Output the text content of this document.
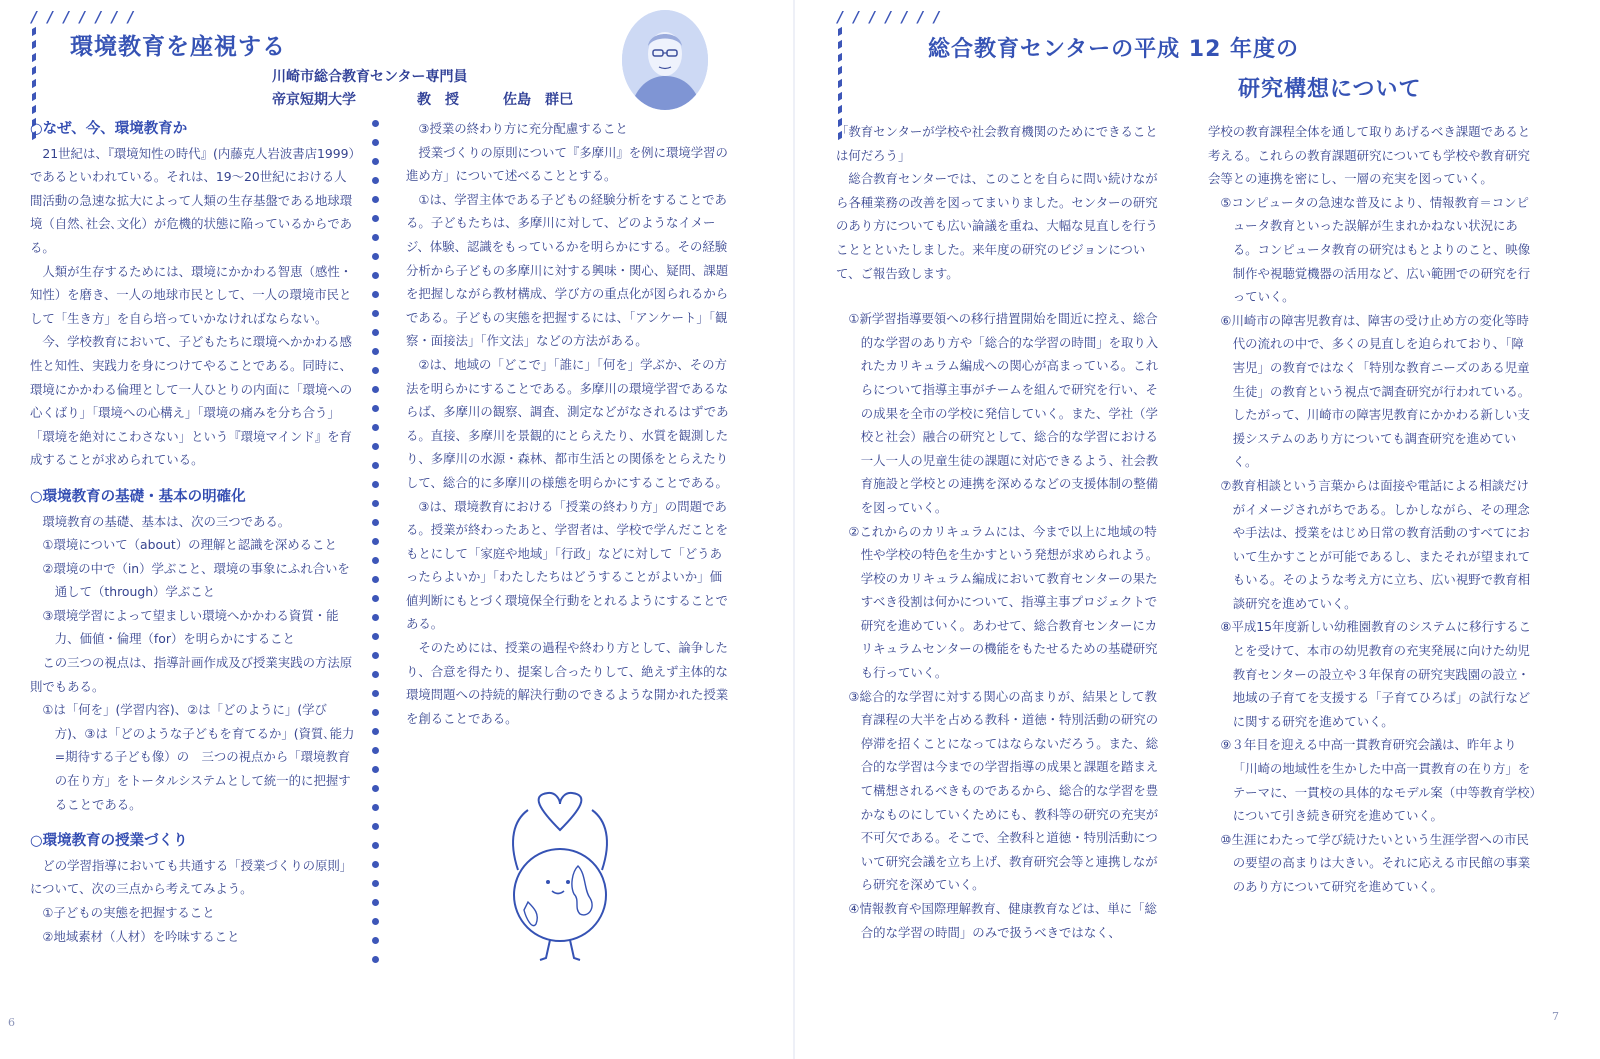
/ / / / / / /
環境教育を座視する
川崎市総合教育センター専門員
帝京短期大学	教　授	佐島　群巳

○なぜ、今、環境教育か

21世紀は、『環境知性の時代』(内藤克人岩波書店1999）であるといわれている。それは、19〜20世紀における人間活動の急速な拡大によって人類の生存基盤である地球環境（自然､社会､文化）が危機的状態に陥っているからである。

人類が生存するためには、環境にかかわる智恵（感性・知性）を磨き、一人の地球市民として、一人の環境市民として「生き方」を自ら培っていかなければならない。

今、学校教育において、子どもたちに環境へかかわる感性と知性、実践力を身につけてやることである。同時に、環境にかかわる倫理として一人ひとりの内面に「環境への心くばり」「環境への心構え」「環境の痛みを分ち合う」「環境を絶対にこわさない」という『環境マインド』を育成することが求められている。

○環境教育の基礎・基本の明確化

環境教育の基礎、基本は、次の三つである。

①環境について（about）の理解と認識を深めること

②環境の中で（in）学ぶこと、環境の事象にふれ合いを通して（through）学ぶこと

③環境学習によって望ましい環境へかかわる資質・能力、価値・倫理（for）を明らかにすること

この三つの視点は、指導計画作成及び授業実践の方法原則でもある。

①は「何を」(学習内容)、②は「どのように」(学び方)、③は「どのような子どもを育てるか」(資質､能力=期待する子ども像）の　三つの視点から「環境教育の在り方」をトータルシステムとして統一的に把握することである。

○環境教育の授業づくり

どの学習指導においても共通する「授業づくりの原則」について、次の三点から考えてみよう。

①子どもの実態を把握すること

②地域素材（人材）を吟味すること

③授業の終わり方に充分配慮すること

授業づくりの原則について『多摩川』を例に環境学習の進め方」について述べることとする。

①は、学習主体である子どもの経験分析をすることである。子どもたちは、多摩川に対して、どのようなイメージ、体験、認識をもっているかを明らかにする。その経験分析から子どもの多摩川に対する興味・関心、疑問、課題を把握しながら教材構成、学び方の重点化が図られるからである。子どもの実態を把握するには、「アンケート」「観察・面接法」「作文法」などの方法がある。

②は、地域の「どこで」「誰に」「何を」学ぶか、その方法を明らかにすることである。多摩川の環境学習であるならば、多摩川の観察、調査、測定などがなされるはずである。直接、多摩川を景観的にとらえたり、水質を観測したり、多摩川の水源・森林、都市生活との関係をとらえたりして、総合的に多摩川の様態を明らかにすることである。

③は、環境教育における「授業の終わり方」の問題である。授業が終わったあと、学習者は、学校で学んだことをもとにして「家庭や地域」「行政」などに対して「どうあったらよいか」「わたしたちはどうすることがよいか」価値判断にもとづく環境保全行動をとれるようにすることである。

そのためには、授業の過程や終わり方として、論争したり、合意を得たり、提案し合ったりして、絶えず主体的な環境問題への持続的解決行動のできるような開かれた授業を創ることである。

6
/ / / / / / /
総合教育センターの平成 12 年度の
研究構想について

「教育センターが学校や社会教育機関のためにできることは何だろう」

総合教育センターでは、このことを自らに問い続けながら各種業務の改善を図ってまいりました。センターの研究のあり方についても広い論議を重ね、大幅な見直しを行うこととといたしました。来年度の研究のビジョンについて、ご報告致します。

①新学習指導要領への移行措置開始を間近に控え、総合的な学習のあり方や「総合的な学習の時間」を取り入れたカリキュラム編成への関心が高まっている。これらについて指導主事がチームを組んで研究を行い、その成果を全市の学校に発信していく。また、学社（学校と社会）融合の研究として、総合的な学習における一人一人の児童生徒の課題に対応できるよう、社会教育施設と学校との連携を深めるなどの支援体制の整備を図っていく。

②これからのカリキュラムには、今まで以上に地域の特性や学校の特色を生かすという発想が求められよう。学校のカリキュラム編成において教育センターの果たすべき役割は何かについて、指導主事プロジェクトで研究を進めていく。あわせて、総合教育センターにカリキュラムセンターの機能をもたせるための基礎研究も行っていく。

③総合的な学習に対する関心の高まりが、結果として教育課程の大半を占める教科・道徳・特別活動の研究の停滞を招くことになってはならないだろう。また、総合的な学習は今までの学習指導の成果と課題を踏まえて構想されるべきものであるから、総合的な学習を豊かなものにしていくためにも、教科等の研究の充実が不可欠である。そこで、全教科と道徳・特別活動について研究会議を立ち上げ、教育研究会等と連携しながら研究を深めていく。

④情報教育や国際理解教育、健康教育などは、単に「総合的な学習の時間」のみで扱うべきではなく、

学校の教育課程全体を通して取りあげるべき課題であると考える。これらの教育課題研究についても学校や教育研究会等との連携を密にし、一層の充実を図っていく。

⑤コンピュータの急速な普及により、情報教育＝コンピュータ教育といった誤解が生まれかねない状況にある。コンピュータ教育の研究はもとよりのこと、映像制作や視聴覚機器の活用など、広い範囲での研究を行っていく。

⑥川崎市の障害児教育は、障害の受け止め方の変化等時代の流れの中で、多くの見直しを迫られており、「障害児」の教育ではなく「特別な教育ニーズのある児童生徒」の教育という視点で調査研究が行われている。したがって、川崎市の障害児教育にかかわる新しい支援システムのあり方についても調査研究を進めていく。

⑦教育相談という言葉からは面接や電話による相談だけがイメージされがちである。しかしながら、その理念や手法は、授業をはじめ日常の教育活動のすべてにおいて生かすことが可能であるし、またそれが望まれてもいる。そのような考え方に立ち、広い視野で教育相談研究を進めていく。

⑧平成15年度新しい幼稚園教育のシステムに移行することを受けて、本市の幼児教育の充実発展に向けた幼児教育センターの設立や３年保育の研究実践園の設立・地域の子育てを支援する「子育てひろば」の試行などに関する研究を進めていく。

⑨３年目を迎える中高一貫教育研究会議は、昨年より「川崎の地域性を生かした中高一貫教育の在り方」をテーマに、一貫校の具体的なモデル案（中等教育学校）について引き続き研究を進めていく。

⑩生涯にわたって学び続けたいという生涯学習への市民の要望の高まりは大きい。それに応える市民館の事業のあり方について研究を進めていく。

7
